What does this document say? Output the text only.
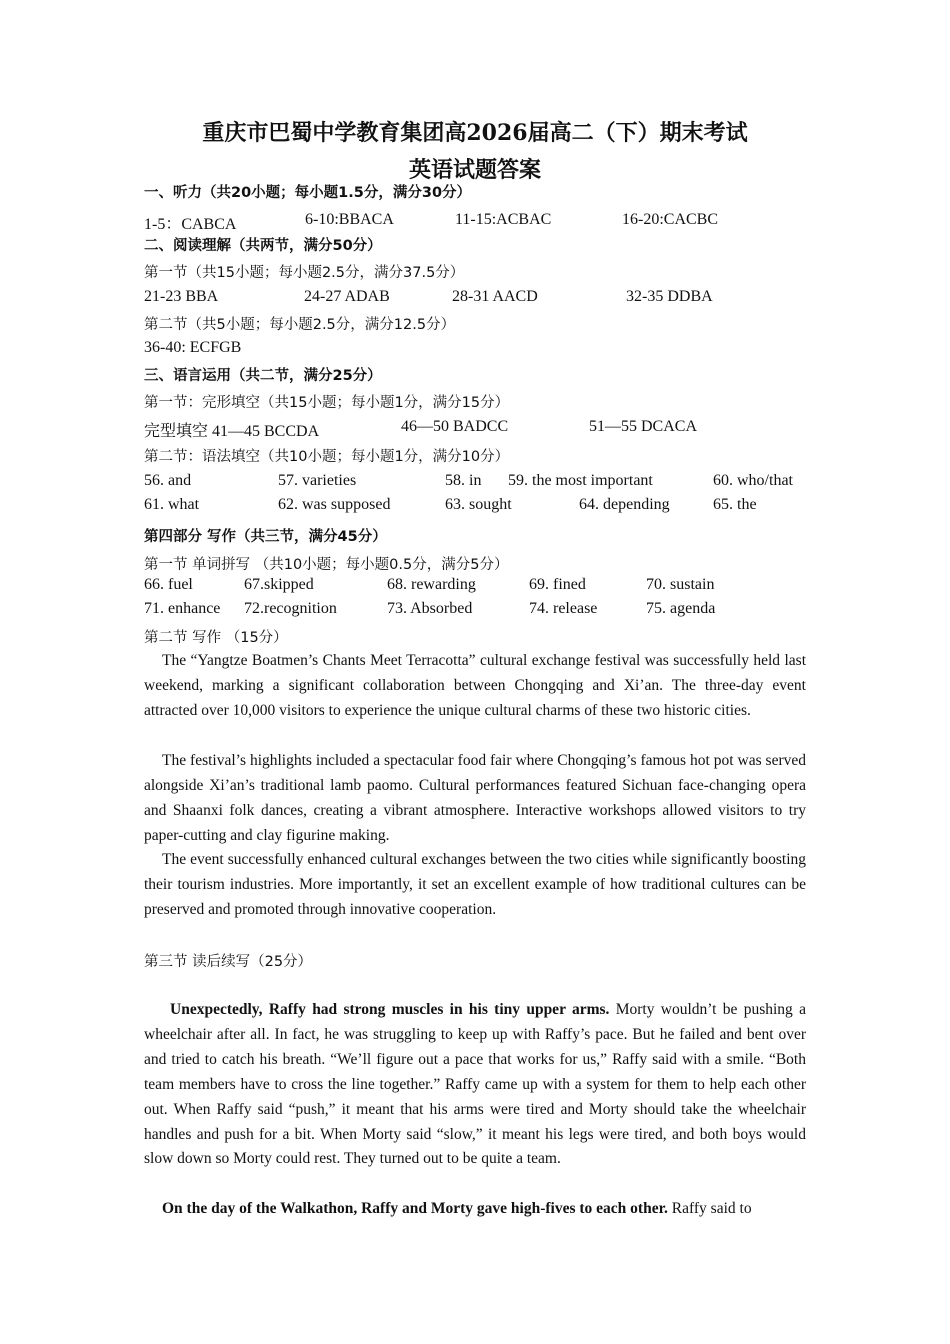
重庆市巴蜀中学教育集团高2026届高二（下）期末考试
英语试题答案
一、听力（共20小题；每小题1.5分，满分30分）
1-5：CABCA	6-10:BBACA	11-15:ACBAC	16-20:CACBC
二、阅读理解（共两节，满分50分）
第一节（共15小题；每小题2.5分，满分37.5分）
21-23 BBA	24-27 ADAB	28-31 AACD	32-35 DDBA
第二节（共5小题；每小题2.5分，满分12.5分）
36-40: ECFGB
三、语言运用（共二节，满分25分）
第一节：完形填空（共15小题；每小题1分，满分15分）
完型填空 41—45 BCCDA	46—50 BADCC	51—55 DCACA
第二节：语法填空（共10小题；每小题1分，满分10分）
56. and	57. varieties	58. in 59. the most important	60. who/that
61. what	62. was supposed	63. sought	64. depending	65. the
第四部分 写作（共三节，满分45分）
第一节 单词拼写 （共10小题；每小题0.5分，满分5分）
66. fuel	67.skipped	68. rewarding	69. fined	70. sustain
71. enhance 72.recognition	73. Absorbed	74. release	75. agenda
第二节 写作 （15分）

The “Yangtze Boatmen’s Chants Meet Terracotta” cultural exchange festival was successfully held last weekend, marking a significant collaboration between Chongqing and Xi’an. The three-day event attracted over 10,000 visitors to experience the unique cultural charms of these two historic cities.

The festival’s highlights included a spectacular food fair where Chongqing’s famous hot pot was served alongside Xi’an’s traditional lamb paomo. Cultural performances featured Sichuan face-changing opera and Shaanxi folk dances, creating a vibrant atmosphere. Interactive workshops allowed visitors to try paper-cutting and clay figurine making.

The event successfully enhanced cultural exchanges between the two cities while significantly boosting their tourism industries. More importantly, it set an excellent example of how traditional cultures can be preserved and promoted through innovative cooperation.

第三节 读后续写（25分）

Unexpectedly, Raffy had strong muscles in his tiny upper arms. Morty wouldn’t be pushing a wheelchair after all. In fact, he was struggling to keep up with Raffy’s pace. But he failed and bent over and tried to catch his breath. “We’ll figure out a pace that works for us,” Raffy said with a smile. “Both team members have to cross the line together.” Raffy came up with a system for them to help each other out. When Raffy said “push,” it meant that his arms were tired and Morty should take the wheelchair handles and push for a bit. When Morty said “slow,” it meant his legs were tired, and both boys would slow down so Morty could rest. They turned out to be quite a team.

On the day of the Walkathon, Raffy and Morty gave high-fives to each other. Raffy said to
